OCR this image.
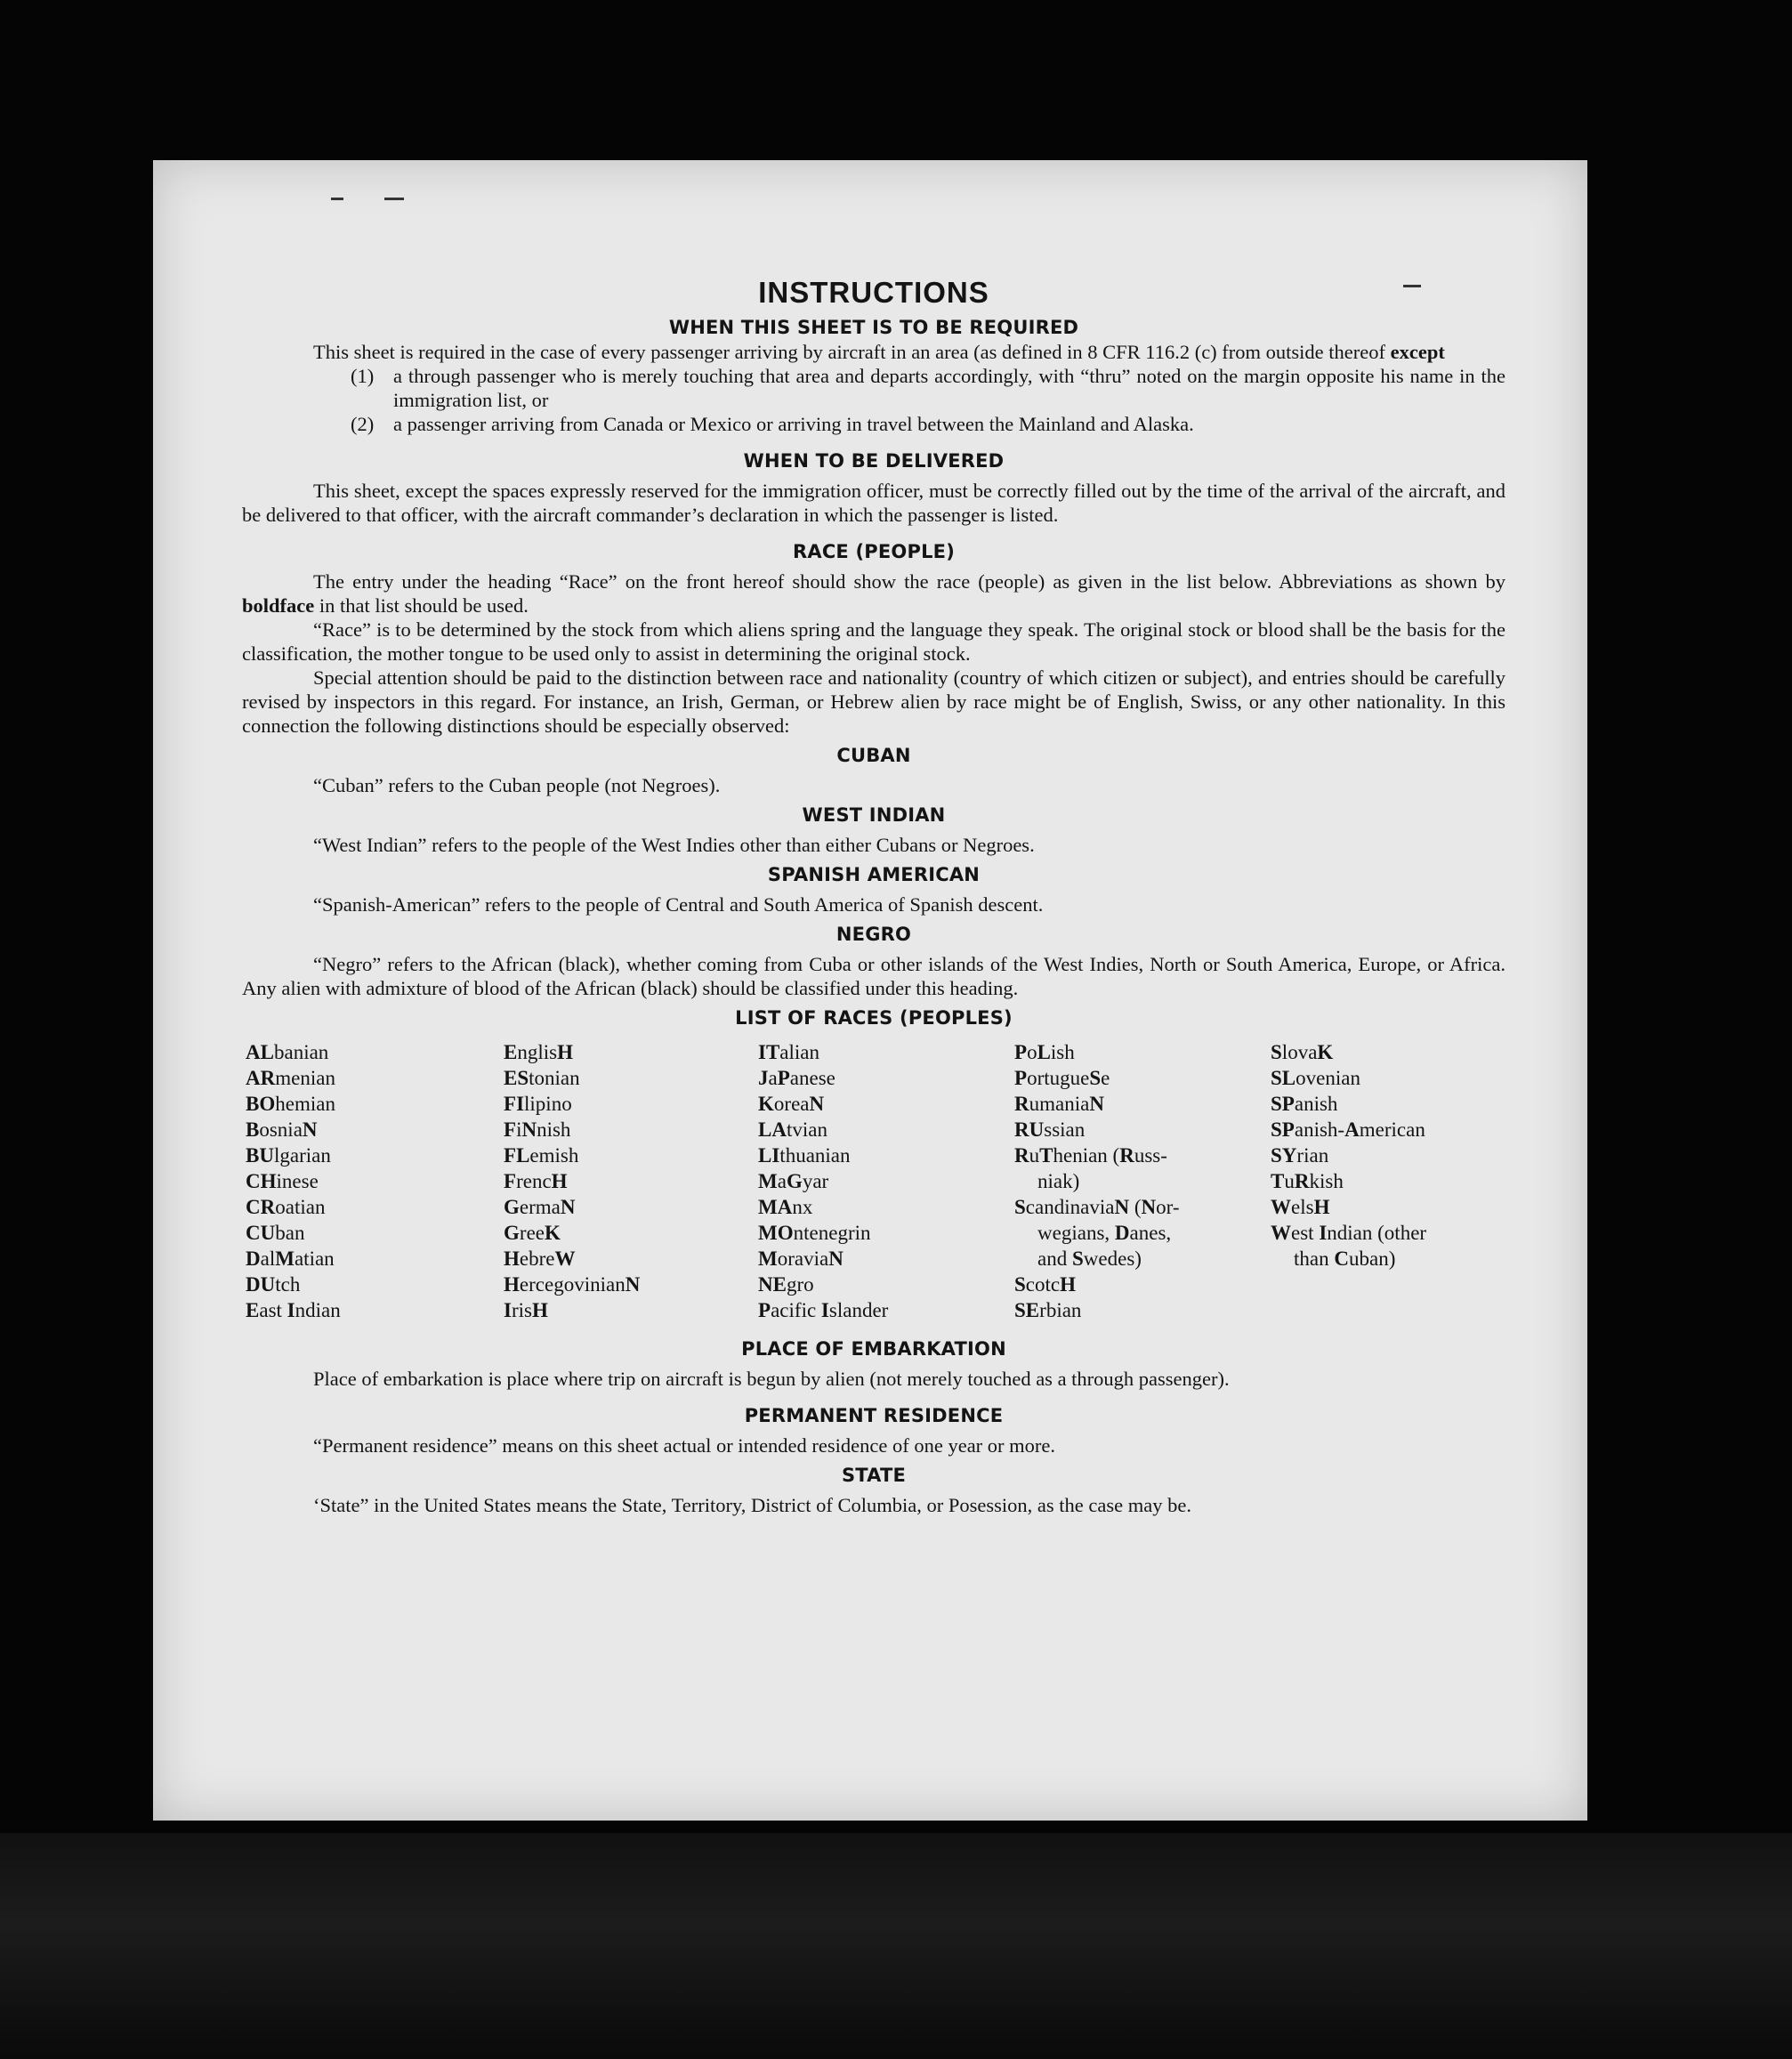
INSTRUCTIONS
WHEN THIS SHEET IS TO BE REQUIRED

This sheet is required in the case of every passenger arriving by aircraft in an area (as defined in 8 CFR 116.2 (c) from outside thereof except

(1) a through passenger who is merely touching that area and departs accordingly, with “thru” noted on the margin opposite his name in the immigration list, or

(2) a passenger arriving from Canada or Mexico or arriving in travel between the Mainland and Alaska.

WHEN TO BE DELIVERED

This sheet, except the spaces expressly reserved for the immigration officer, must be correctly filled out by the time of the arrival of the aircraft, and be delivered to that officer, with the aircraft commander’s declaration in which the passenger is listed.

RACE (PEOPLE)

The entry under the heading “Race” on the front hereof should show the race (people) as given in the list below. Abbreviations as shown by boldface in that list should be used.

“Race” is to be determined by the stock from which aliens spring and the language they speak. The original stock or blood shall be the basis for the classification, the mother tongue to be used only to assist in determining the original stock.

Special attention should be paid to the distinction between race and nationality (country of which citizen or subject), and entries should be carefully revised by inspectors in this regard. For instance, an Irish, German, or Hebrew alien by race might be of English, Swiss, or any other nationality. In this connection the following distinctions should be especially observed:

CUBAN

“Cuban” refers to the Cuban people (not Negroes).

WEST INDIAN

“West Indian” refers to the people of the West Indies other than either Cubans or Negroes.

SPANISH AMERICAN

“Spanish-American” refers to the people of Central and South America of Spanish descent.

NEGRO

“Negro” refers to the African (black), whether coming from Cuba or other islands of the West Indies, North or South America, Europe, or Africa. Any alien with admixture of blood of the African (black) should be classified under this heading.

LIST OF RACES (PEOPLES)
ALbanian
ARmenian
BOhemian
BosniaN
BUlgarian
CHinese
CRoatian
CUban
DalMatian
DUtch
East Indian
EnglisH
EStonian
FIlipino
FiNnish
FLemish
FrencH
GermaN
GreeK
HebreW
HercegovinianN
IrisH
ITalian
JaPanese
KoreaN
LAtvian
LIthuanian
MaGyar
MAnx
MOntenegrin
MoraviaN
NEgro
Pacific Islander
PoLish
PortugueSe
RumaniaN
RUssian
RuThenian (Russ-
niak)
ScandinaviaN (Nor-
wegians, Danes,
and Swedes)
ScotcH
SErbian
SlovaK
SLovenian
SPanish
SPanish-American
SYrian
TuRkish
WelsH
West Indian (other
than Cuban)
PLACE OF EMBARKATION

Place of embarkation is place where trip on aircraft is begun by alien (not merely touched as a through passenger).

PERMANENT RESIDENCE

“Permanent residence” means on this sheet actual or intended residence of one year or more.

STATE

‘State” in the United States means the State, Territory, District of Columbia, or Posession, as the case may be.
